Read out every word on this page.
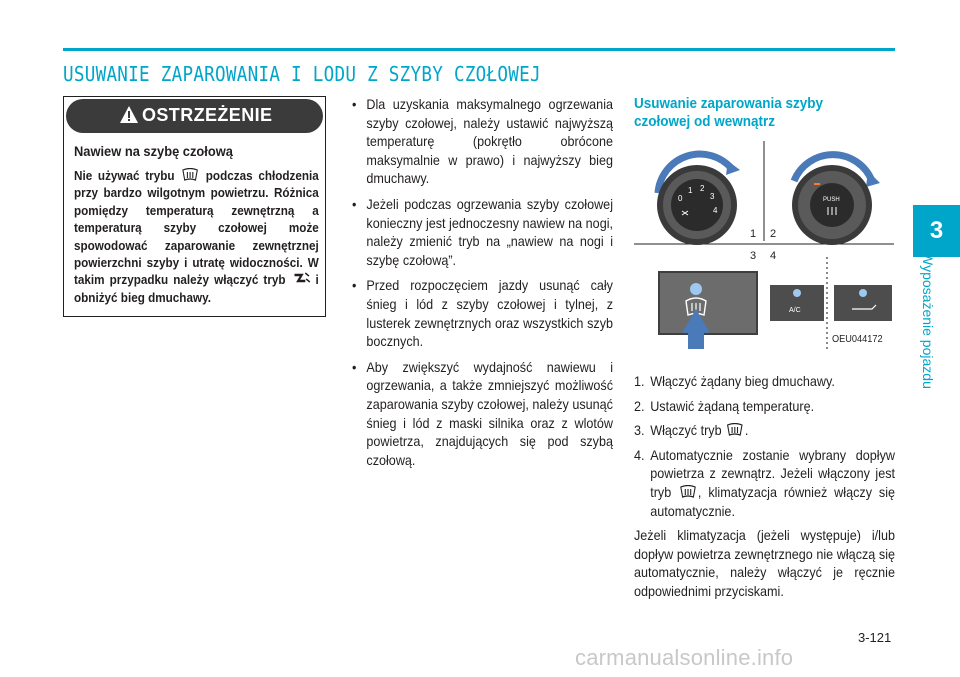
USUWANIE ZAPAROWANIA I LODU Z SZYBY CZOŁOWEJ
3
Wyposażenie pojazdu
OSTRZEŻENIE
Nawiew na szybę czołową
Nie używać trybu podczas chłodzenia przy bardzo wilgotnym powietrzu. Różnica pomiędzy temperaturą zewnętrzną a temperaturą szyby czołowej może spowodować zaparowanie zewnętrznej powierzchni szyby i utratę widoczności. W takim przypadku należy włączyć tryb i obniżyć bieg dmuchawy.
• Dla uzyskania maksymalnego ogrzewania szyby czołowej, należy ustawić najwyższą temperaturę (pokrętło obrócone maksymalnie w prawo) i najwyższy bieg dmuchawy.
• Jeżeli podczas ogrzewania szyby czołowej konieczny jest jednoczesny nawiew na nogi, należy zmienić tryb na „nawiew na nogi i szybę czołową”.
• Przed rozpoczęciem jazdy usunąć cały śnieg i lód z szyby czołowej i tylnej, z lusterek zewnętrznych oraz wszystkich szyb bocznych.
• Aby zwiększyć wydajność nawiewu i ogrzewania, a także zmniejszyć możliwość zaparowania szyby czołowej, należy usunąć śnieg i lód z maski silnika oraz z wlotów powietrza, znajdujących się pod szybą czołową.
Usuwanie zaparowania szyby
czołowej od wewnątrz
0
1 2
3
4
1
PUSH
2
3 4
A/C
OEU044172
1. Włączyć żądany bieg dmuchawy.
2. Ustawić żądaną temperaturę.
3. Włączyć tryb .
4. Automatycznie zostanie wybrany dopływ powietrza z zewnątrz. Jeżeli włączony jest tryb , klimatyzacja również włączy się automatycznie.
Jeżeli klimatyzacja (jeżeli występuje) i/lub dopływ powietrza zewnętrznego nie włączą się automatycznie, należy włączyć je ręcznie odpowiednimi przyciskami.
3-121
carmanualsonline.info
